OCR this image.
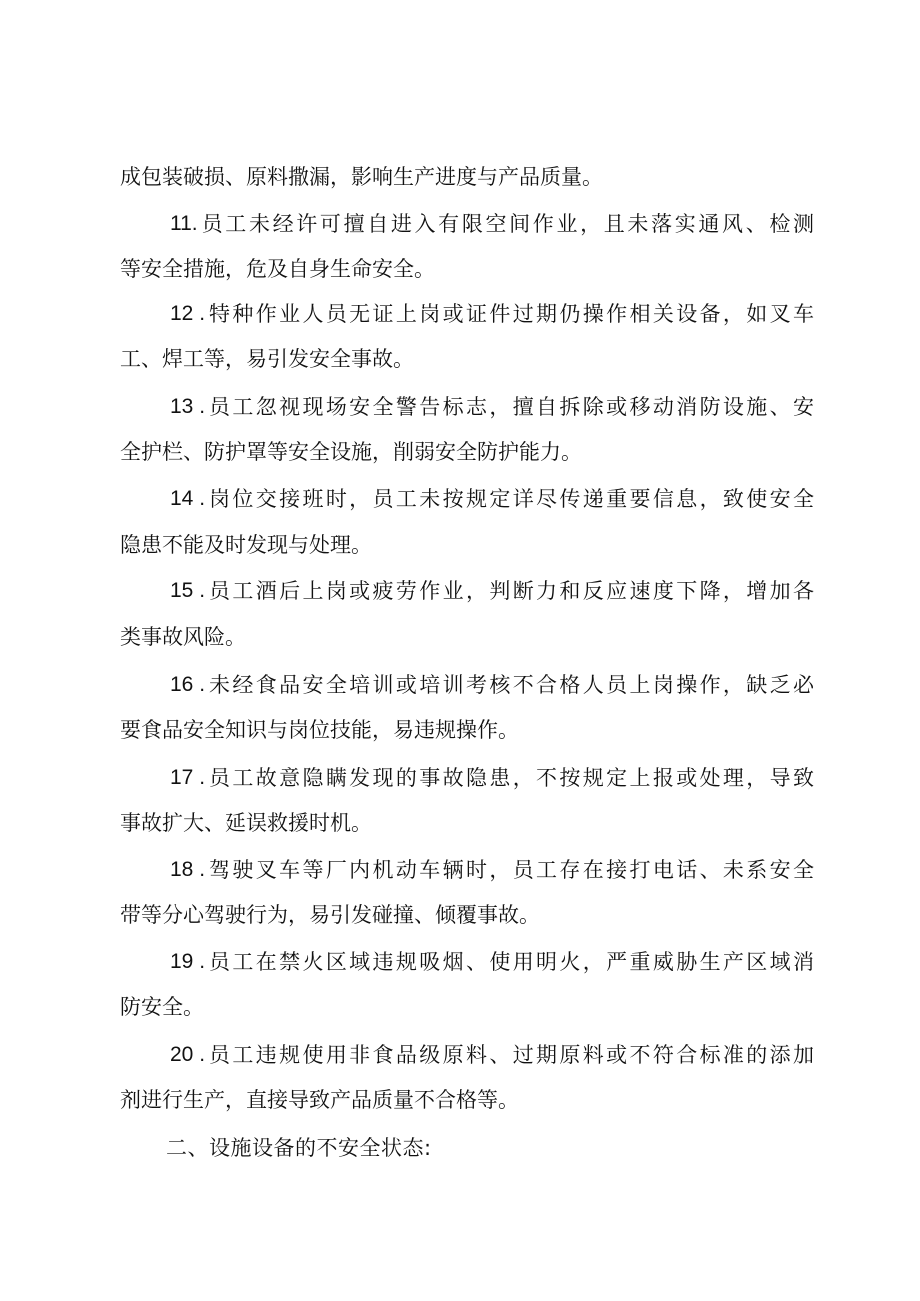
成包装破损、原料撒漏，影响生产进度与产品质量。
11. 员工未经许可擅自进入有限空间作业，且未落实通风、检测
等安全措施，危及自身生命安全。
12 . 特种作业人员无证上岗或证件过期仍操作相关设备，如叉车
工、焊工等，易引发安全事故。
13 . 员工忽视现场安全警告标志，擅自拆除或移动消防设施、安
全护栏、防护罩等安全设施，削弱安全防护能力。
14 . 岗位交接班时，员工未按规定详尽传递重要信息，致使安全
隐患不能及时发现与处理。
15 . 员工酒后上岗或疲劳作业，判断力和反应速度下降，增加各
类事故风险。
16 . 未经食品安全培训或培训考核不合格人员上岗操作，缺乏必
要食品安全知识与岗位技能，易违规操作。
17 . 员工故意隐瞒发现的事故隐患，不按规定上报或处理，导致
事故扩大、延误救援时机。
18 . 驾驶叉车等厂内机动车辆时，员工存在接打电话、未系安全
带等分心驾驶行为，易引发碰撞、倾覆事故。
19 . 员工在禁火区域违规吸烟、使用明火，严重威胁生产区域消
防安全。
20 . 员工违规使用非食品级原料、过期原料或不符合标准的添加
剂进行生产，直接导致产品质量不合格等。
二、设施设备的不安全状态:
